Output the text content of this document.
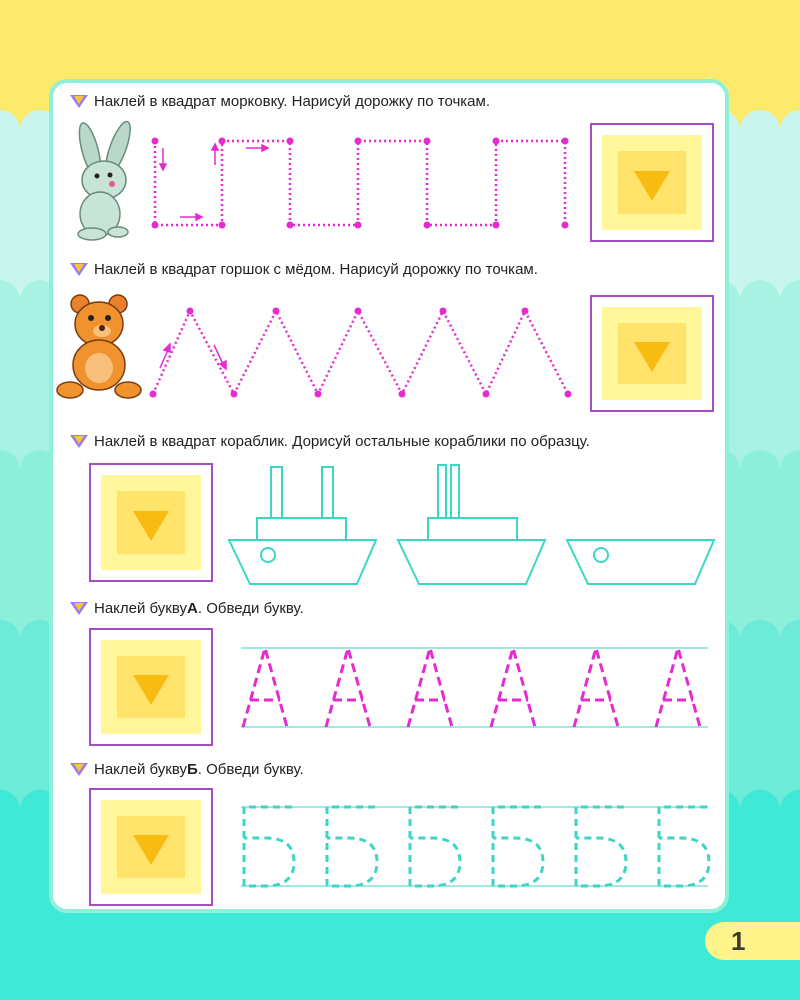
Наклей в квадрат морковку. Нарисуй дорожку по точкам.
Наклей в квадрат горшок с мёдом. Нарисуй дорожку по точкам.
Наклей в квадрат кораблик. Дорисуй остальные кораблики по образцу.
Наклей букву А . Обведи букву.
Наклей букву Б . Обведи букву.
1
